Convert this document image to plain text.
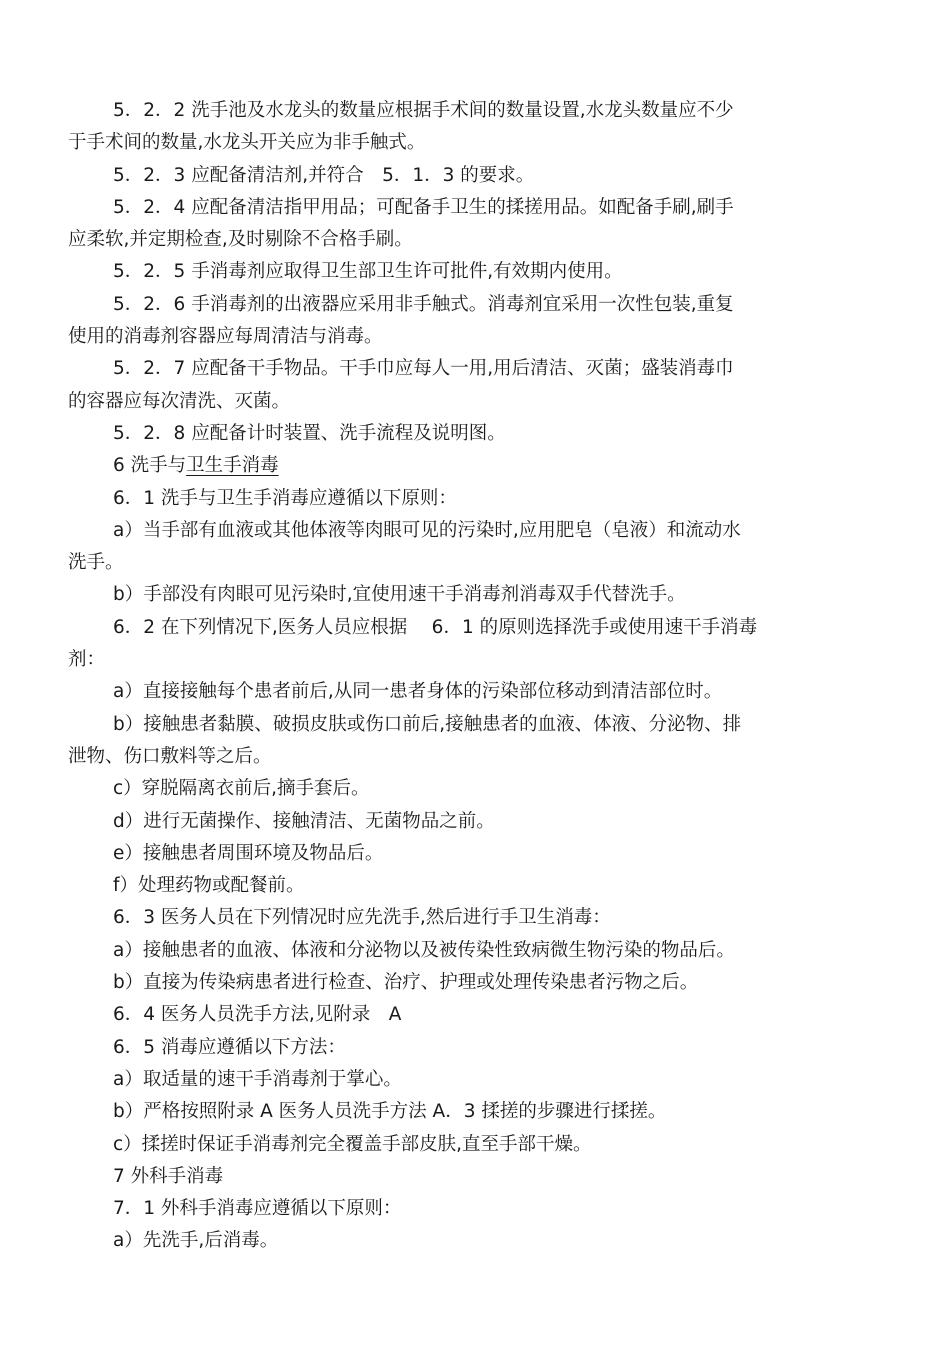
5．2．2 洗手池及水龙头的数量应根据手术间的数量设置,水龙头数量应不少

于手术间的数量,水龙头开关应为非手触式。

5．2．3 应配备清洁剂,并符合　5．1．3 的要求。

5．2．4 应配备清洁指甲用品；可配备手卫生的揉搓用品。如配备手刷,刷手

应柔软,并定期检查,及时剔除不合格手刷。

5．2．5 手消毒剂应取得卫生部卫生许可批件,有效期内使用。

5．2．6 手消毒剂的出液器应采用非手触式。消毒剂宜采用一次性包装,重复

使用的消毒剂容器应每周清洁与消毒。

5．2．7 应配备干手物品。干手巾应每人一用,用后清洁、灭菌；盛装消毒巾

的容器应每次清洗、灭菌。

5．2．8 应配备计时装置、洗手流程及说明图。

6 洗手与卫生手消毒

6．1 洗手与卫生手消毒应遵循以下原则：

a）当手部有血液或其他体液等肉眼可见的污染时,应用肥皂（皂液）和流动水

洗手。

b）手部没有肉眼可见污染时,宜使用速干手消毒剂消毒双手代替洗手。

6．2 在下列情况下,医务人员应根据　 6．1 的原则选择洗手或使用速干手消毒

剂：

a）直接接触每个患者前后,从同一患者身体的污染部位移动到清洁部位时。

b）接触患者黏膜、破损皮肤或伤口前后,接触患者的血液、体液、分泌物、排

泄物、伤口敷料等之后。

c）穿脱隔离衣前后,摘手套后。

d）进行无菌操作、接触清洁、无菌物品之前。

e）接触患者周围环境及物品后。

f）处理药物或配餐前。

6．3 医务人员在下列情况时应先洗手,然后进行手卫生消毒：

a）接触患者的血液、体液和分泌物以及被传染性致病微生物污染的物品后。

b）直接为传染病患者进行检查、治疗、护理或处理传染患者污物之后。

6．4 医务人员洗手方法,见附录　A

6．5 消毒应遵循以下方法：

a）取适量的速干手消毒剂于掌心。

b）严格按照附录 A 医务人员洗手方法 A．3 揉搓的步骤进行揉搓。

c）揉搓时保证手消毒剂完全覆盖手部皮肤,直至手部干燥。

7 外科手消毒

7．1 外科手消毒应遵循以下原则：

a）先洗手,后消毒。
